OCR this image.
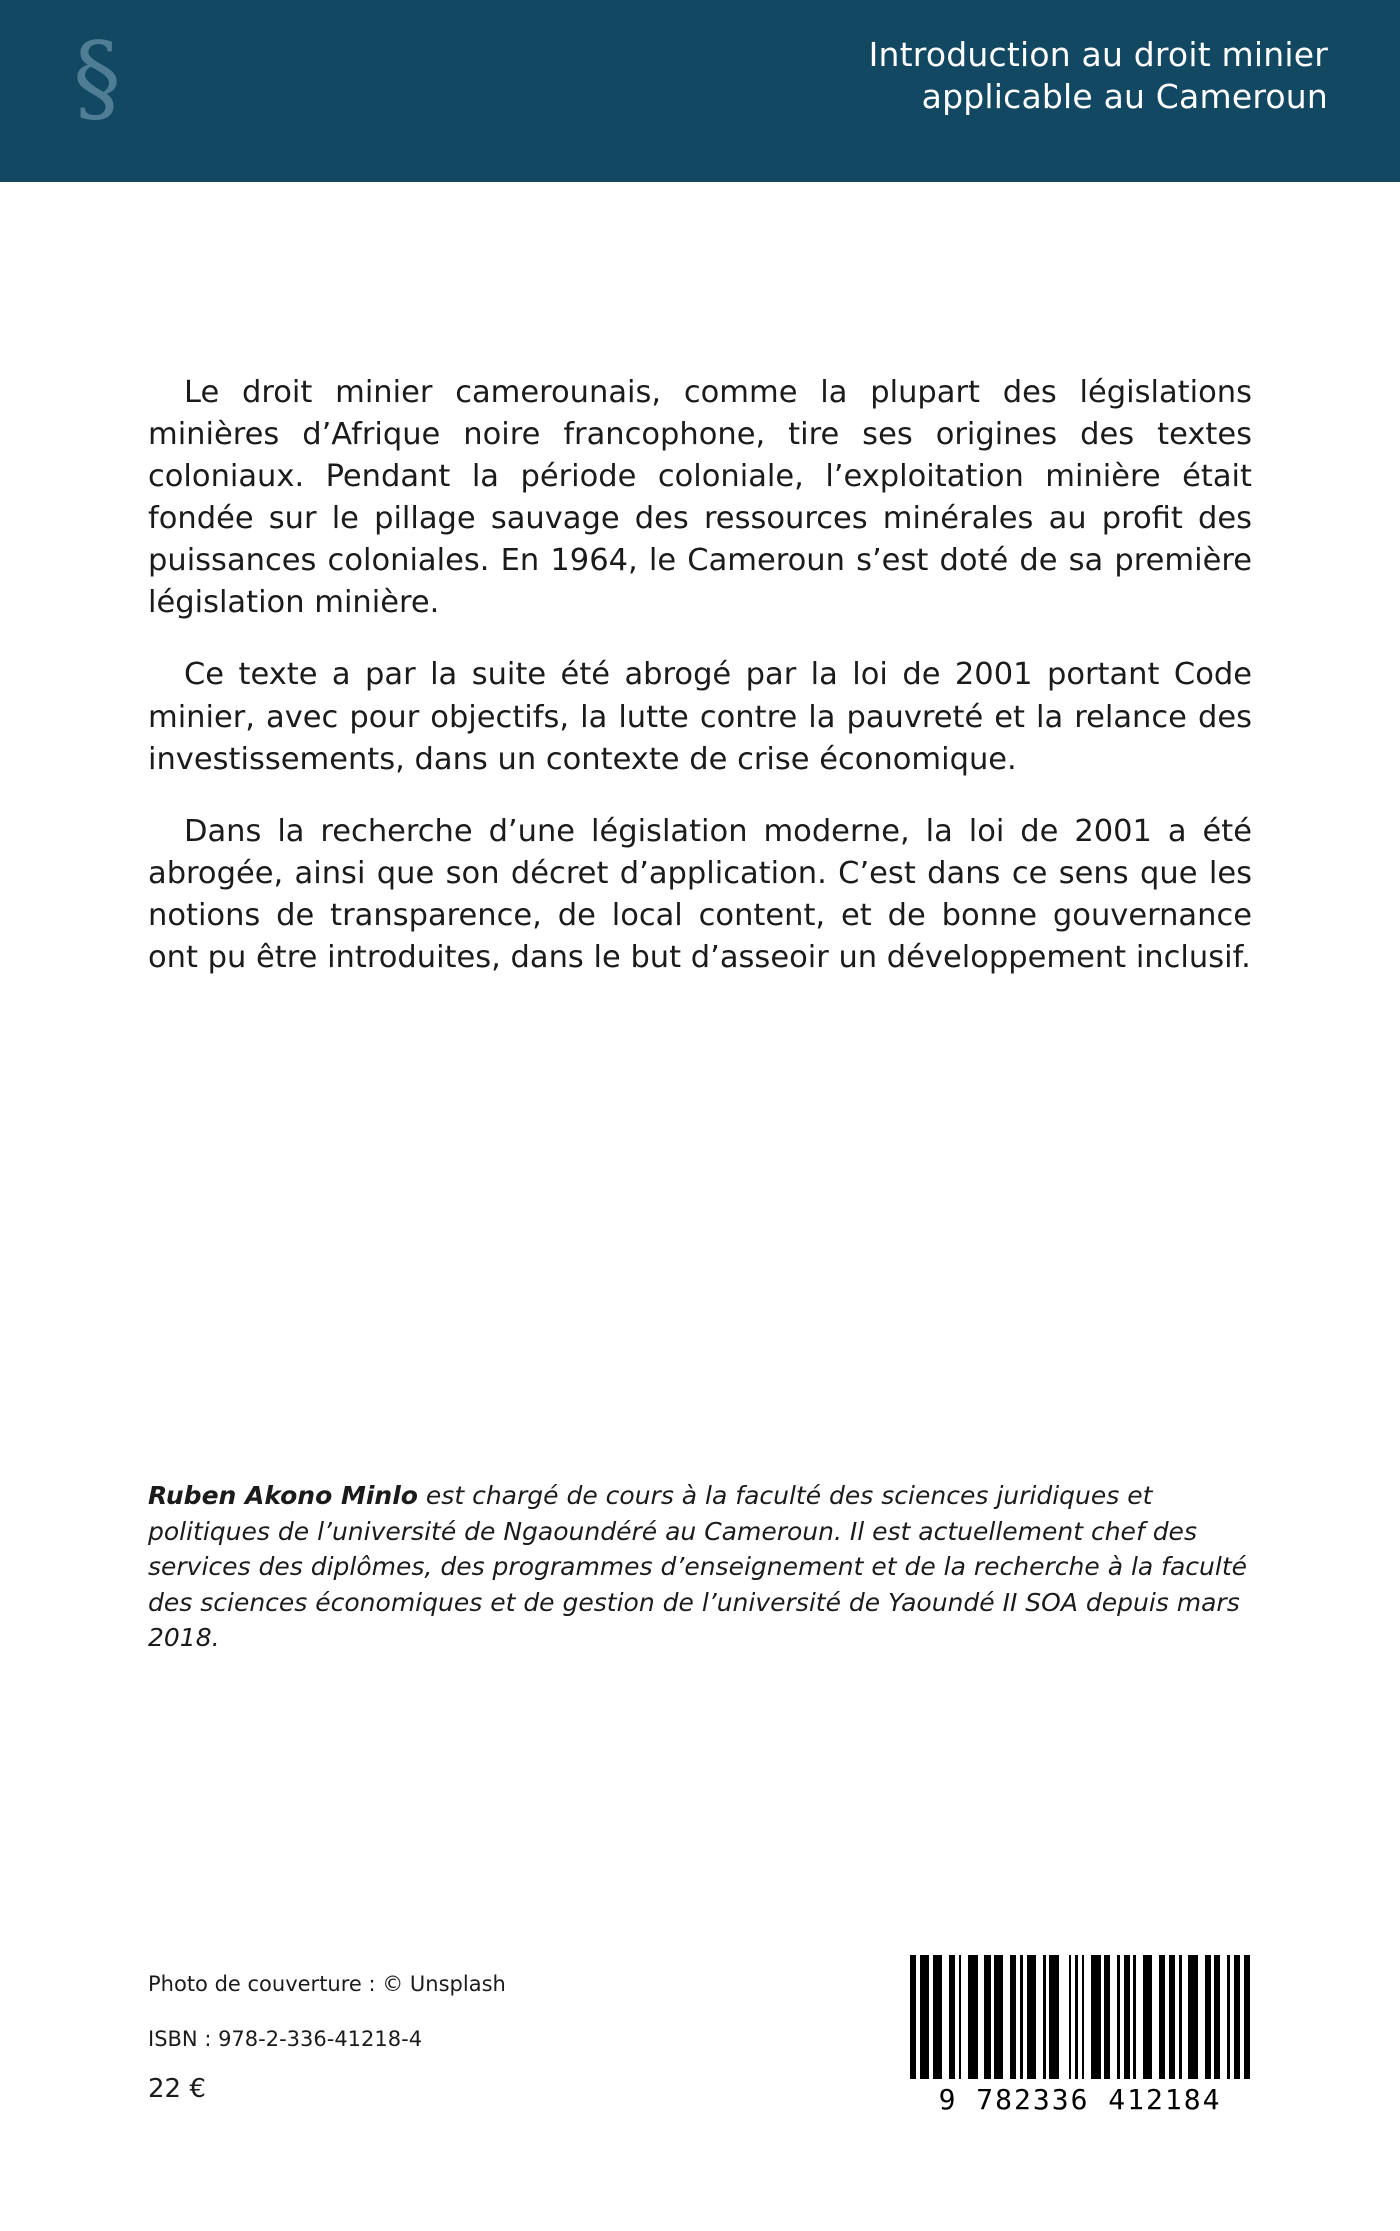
§	Introduction au droit minier
applicable au Cameroun

Le droit minier camerounais, comme la plupart des législations minières d’Afrique noire francophone, tire ses origines des textes coloniaux. Pendant la période coloniale, l’exploitation minière était fondée sur le pillage sauvage des ressources minérales au profit des puissances coloniales. En 1964, le Cameroun s’est doté de sa première législation minière.

Ce texte a par la suite été abrogé par la loi de 2001 portant Code minier, avec pour objectifs, la lutte contre la pauvreté et la relance des investissements, dans un contexte de crise économique.

Dans la recherche d’une législation moderne, la loi de 2001 a été abrogée, ainsi que son décret d’application. C’est dans ce sens que les notions de transparence, de local content, et de bonne gouvernance ont pu être introduites, dans le but d’asseoir un développement inclusif.

Ruben Akono Minlo est chargé de cours à la faculté des sciences juridiques et politiques de l’université de Ngaoundéré au Cameroun. Il est actuellement chef des services des diplômes, des programmes d’enseignement et de la recherche à la faculté des sciences économiques et de gestion de l’université de Yaoundé II SOA depuis mars 2018.
Photo de couverture : © Unsplash
ISBN : 978-2-336-41218-4
22 €	9 782336 412184
